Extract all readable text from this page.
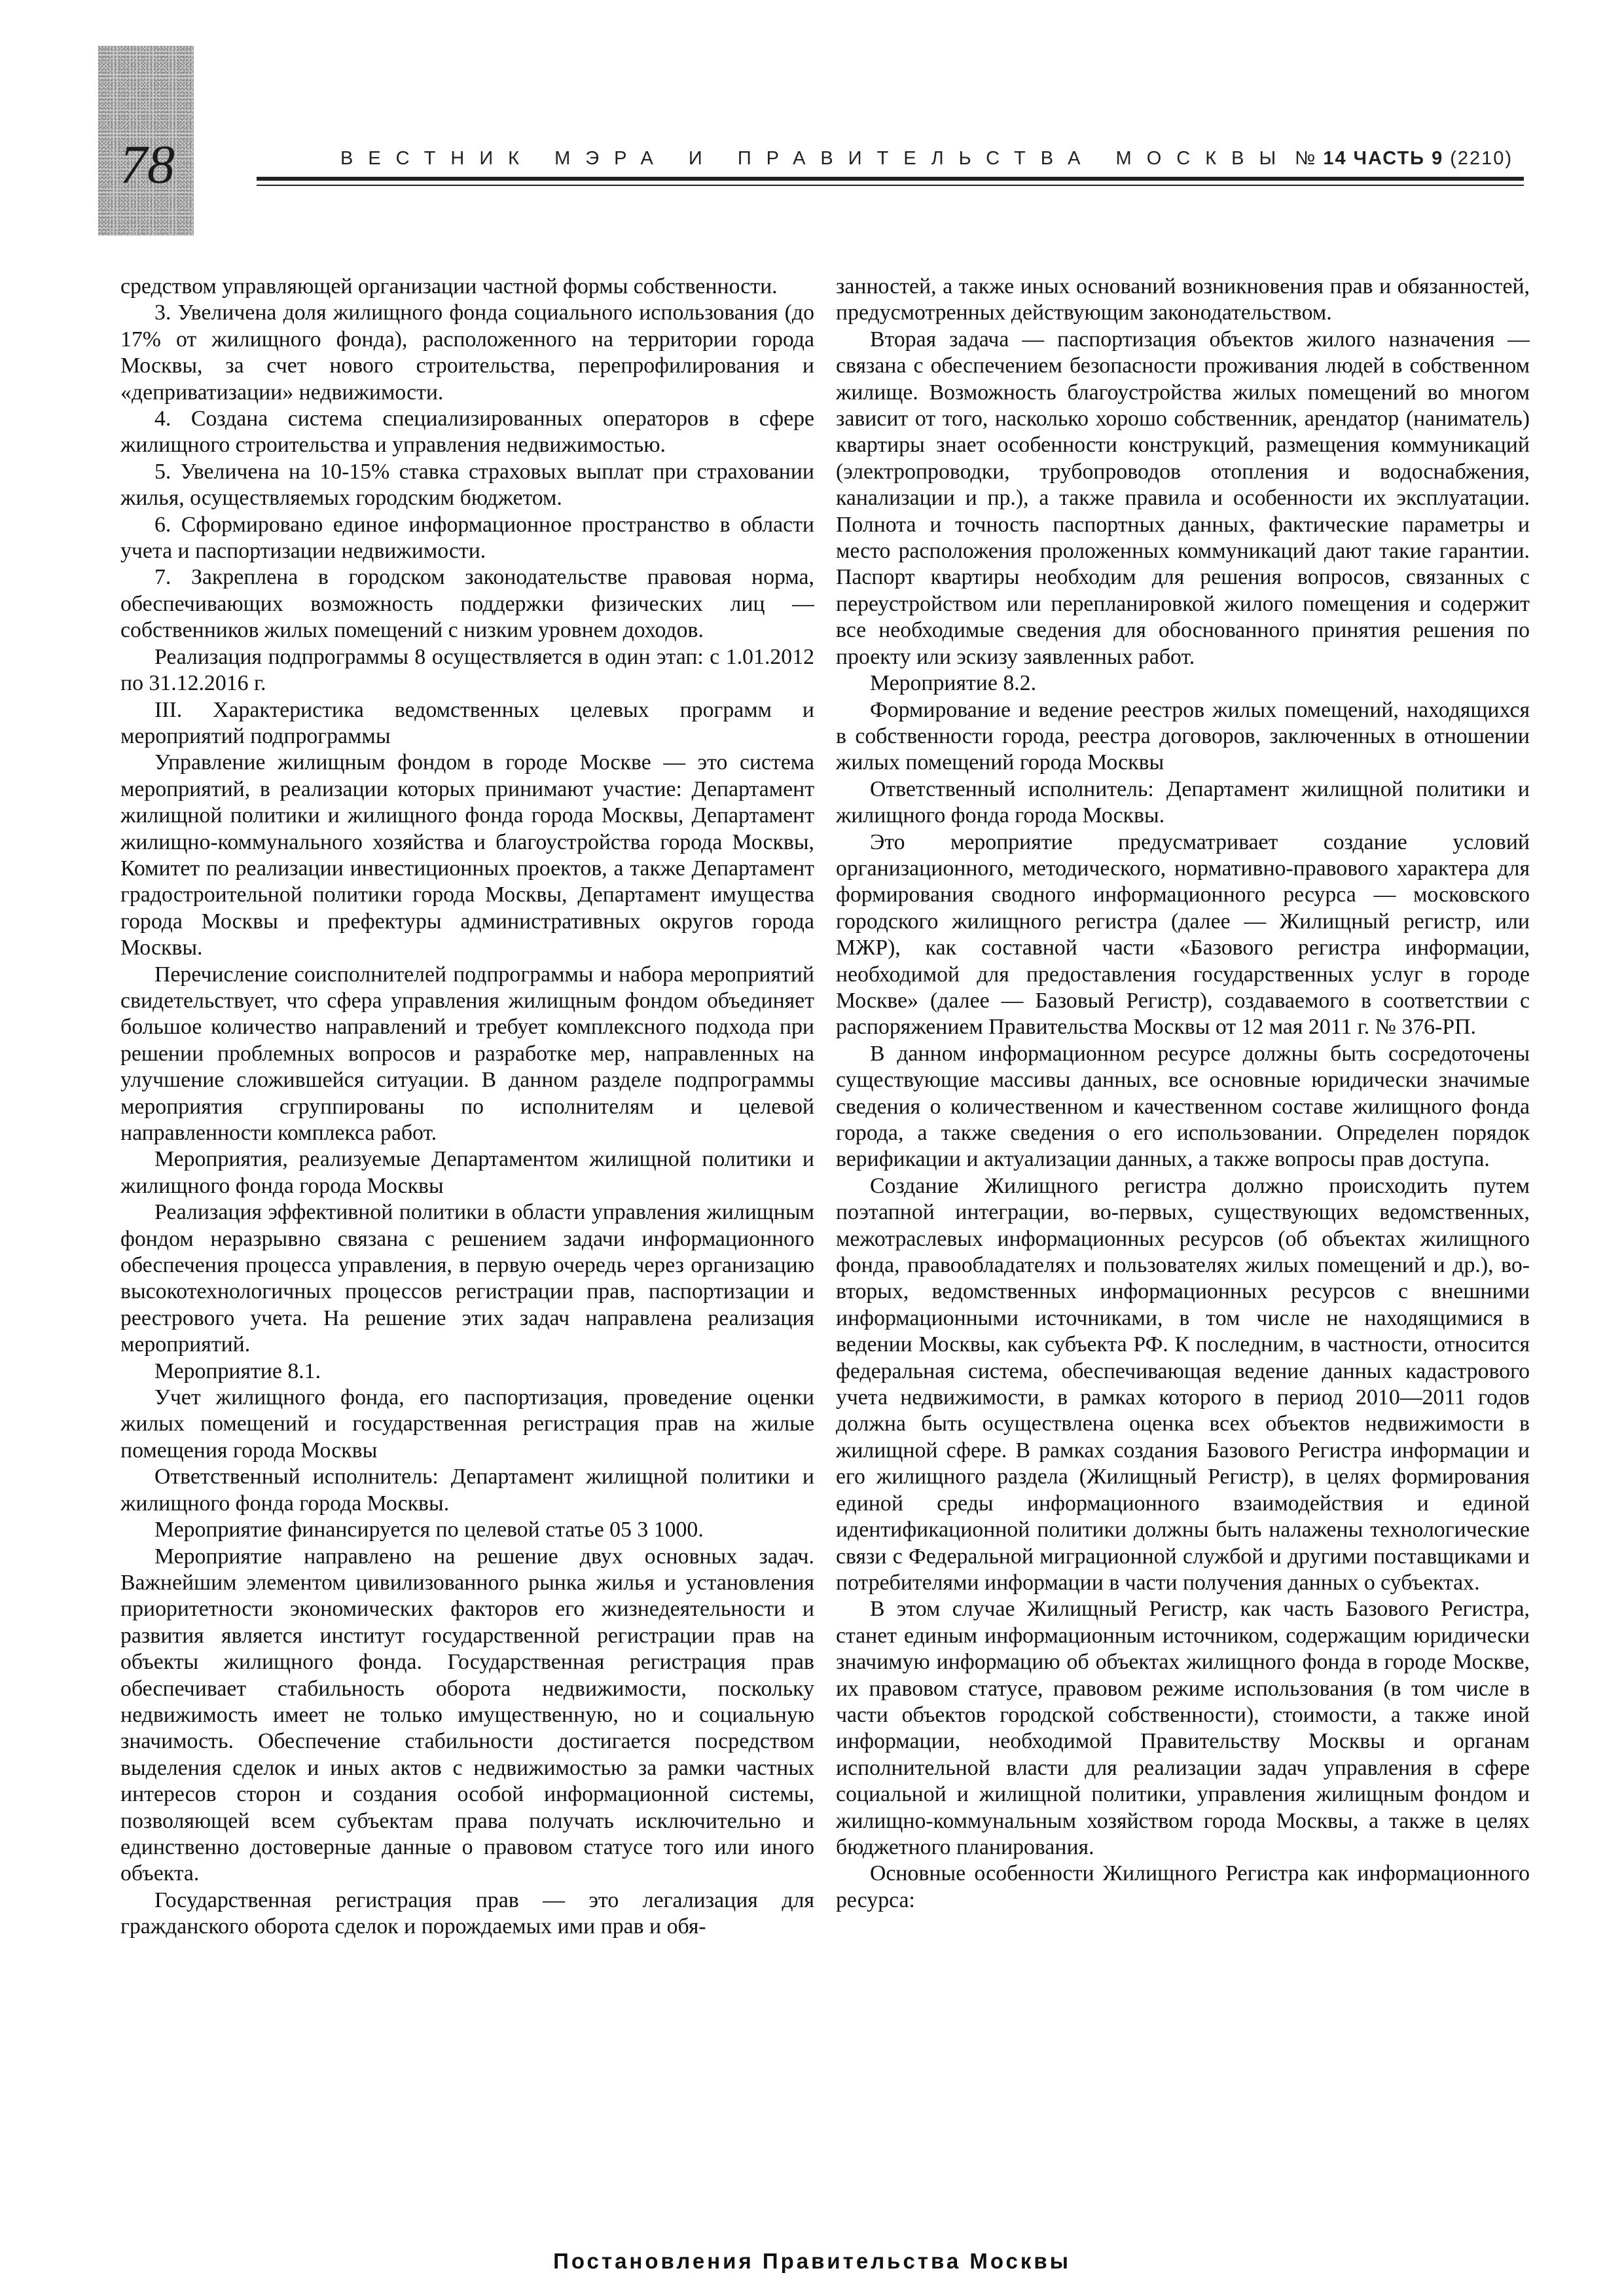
78	ВЕСТНИК МЭРА И ПРАВИТЕЛЬСТВА МОСКВЫ № 14 ЧАСТЬ 9 (2210)

средством управляющей организации частной формы собственности.

3. Увеличена доля жилищного фонда социального использования (до 17% от жилищного фонда), расположенного на территории города Москвы, за счет нового строительства, перепрофилирования и «деприватизации» недвижимости.

4. Создана система специализированных операторов в сфере жилищного строительства и управления недвижимостью.

5. Увеличена на 10-15% ставка страховых выплат при страховании жилья, осуществляемых городским бюджетом.

6. Сформировано единое информационное пространство в области учета и паспортизации недвижимости.

7. Закреплена в городском законодательстве правовая норма, обеспечивающих возможность поддержки физических лиц — собственников жилых помещений с низким уровнем доходов.

Реализация подпрограммы 8 осуществляется в один этап: с 1.01.2012 по 31.12.2016 г.

III. Характеристика ведомственных целевых программ и мероприятий подпрограммы

Управление жилищным фондом в городе Москве — это система мероприятий, в реализации которых принимают участие: Департамент жилищной политики и жилищного фонда города Москвы, Департамент жилищно-коммунального хозяйства и благоустройства города Москвы, Комитет по реализации инвестиционных проектов, а также Департамент градостроительной политики города Москвы, Департамент имущества города Москвы и префектуры административных округов города Москвы.

Перечисление соисполнителей подпрограммы и набора мероприятий свидетельствует, что сфера управления жилищным фондом объединяет большое количество направлений и требует комплексного подхода при решении проблемных вопросов и разработке мер, направленных на улучшение сложившейся ситуации. В данном разделе подпрограммы мероприятия сгруппированы по исполнителям и целевой направленности комплекса работ.

Мероприятия, реализуемые Департаментом жилищной политики и жилищного фонда города Москвы

Реализация эффективной политики в области управления жилищным фондом неразрывно связана с решением задачи информационного обеспечения процесса управления, в первую очередь через организацию высокотехнологичных процессов регистрации прав, паспортизации и реестрового учета. На решение этих задач направлена реализация мероприятий.

Мероприятие 8.1.

Учет жилищного фонда, его паспортизация, проведение оценки жилых помещений и государственная регистрация прав на жилые помещения города Москвы

Ответственный исполнитель: Департамент жилищной политики и жилищного фонда города Москвы.

Мероприятие финансируется по целевой статье 05 3 1000.

Мероприятие направлено на решение двух основных задач. Важнейшим элементом цивилизованного рынка жилья и установления приоритетности экономических факторов его жизнедеятельности и развития является институт государственной регистрации прав на объекты жилищного фонда. Государственная регистрация прав обеспечивает стабильность оборота недвижимости, поскольку недвижимость имеет не только имущественную, но и социальную значимость. Обеспечение стабильности достигается посредством выделения сделок и иных актов с недвижимостью за рамки частных интересов сторон и создания особой информационной системы, позволяющей всем субъектам права получать исключительно и единственно достоверные данные о правовом статусе того или иного объекта.

Государственная регистрация прав — это легализация для гражданского оборота сделок и порождаемых ими прав и обя-

занностей, а также иных оснований возникновения прав и обязанностей, предусмотренных действующим законодательством.

Вторая задача — паспортизация объектов жилого назначения — связана с обеспечением безопасности проживания людей в собственном жилище. Возможность благоустройства жилых помещений во многом зависит от того, насколько хорошо собственник, арендатор (наниматель) квартиры знает особенности конструкций, размещения коммуникаций (электропроводки, трубопроводов отопления и водоснабжения, канализации и пр.), а также правила и особенности их эксплуатации. Полнота и точность паспортных данных, фактические параметры и место расположения проложенных коммуникаций дают такие гарантии. Паспорт квартиры необходим для решения вопросов, связанных с переустройством или перепланировкой жилого помещения и содержит все необходимые сведения для обоснованного принятия решения по проекту или эскизу заявленных работ.

Мероприятие 8.2.

Формирование и ведение реестров жилых помещений, находящихся в собственности города, реестра договоров, заключенных в отношении жилых помещений города Москвы

Ответственный исполнитель: Департамент жилищной политики и жилищного фонда города Москвы.

Это мероприятие предусматривает создание условий организационного, методического, нормативно-правового характера для формирования сводного информационного ресурса — московского городского жилищного регистра (далее — Жилищный регистр, или МЖР), как составной части «Базового регистра информации, необходимой для предоставления государственных услуг в городе Москве» (далее — Базовый Регистр), создаваемого в соответствии с распоряжением Правительства Москвы от 12 мая 2011 г. № 376-РП.

В данном информационном ресурсе должны быть сосредоточены существующие массивы данных, все основные юридически значимые сведения о количественном и качественном составе жилищного фонда города, а также сведения о его использовании. Определен порядок верификации и актуализации данных, а также вопросы прав доступа.

Создание Жилищного регистра должно происходить путем поэтапной интеграции, во-первых, существующих ведомственных, межотраслевых информационных ресурсов (об объектах жилищного фонда, правообладателях и пользователях жилых помещений и др.), во-вторых, ведомственных информационных ресурсов с внешними информационными источниками, в том числе не находящимися в ведении Москвы, как субъекта РФ. К последним, в частности, относится федеральная система, обеспечивающая ведение данных кадастрового учета недвижимости, в рамках которого в период 2010—2011 годов должна быть осуществлена оценка всех объектов недвижимости в жилищной сфере. В рамках создания Базового Регистра информации и его жилищного раздела (Жилищный Регистр), в целях формирования единой среды информационного взаимодействия и единой идентификационной политики должны быть налажены технологические связи с Федеральной миграционной службой и другими поставщиками и потребителями информации в части получения данных о субъектах.

В этом случае Жилищный Регистр, как часть Базового Регистра, станет единым информационным источником, содержащим юридически значимую информацию об объектах жилищного фонда в городе Москве, их правовом статусе, правовом режиме использования (в том числе в части объектов городской собственности), стоимости, а также иной информации, необходимой Правительству Москвы и органам исполнительной власти для реализации задач управления в сфере социальной и жилищной политики, управления жилищным фондом и жилищно-коммунальным хозяйством города Москвы, а также в целях бюджетного планирования.

Основные особенности Жилищного Регистра как информационного ресурса:

Постановления Правительства Москвы
